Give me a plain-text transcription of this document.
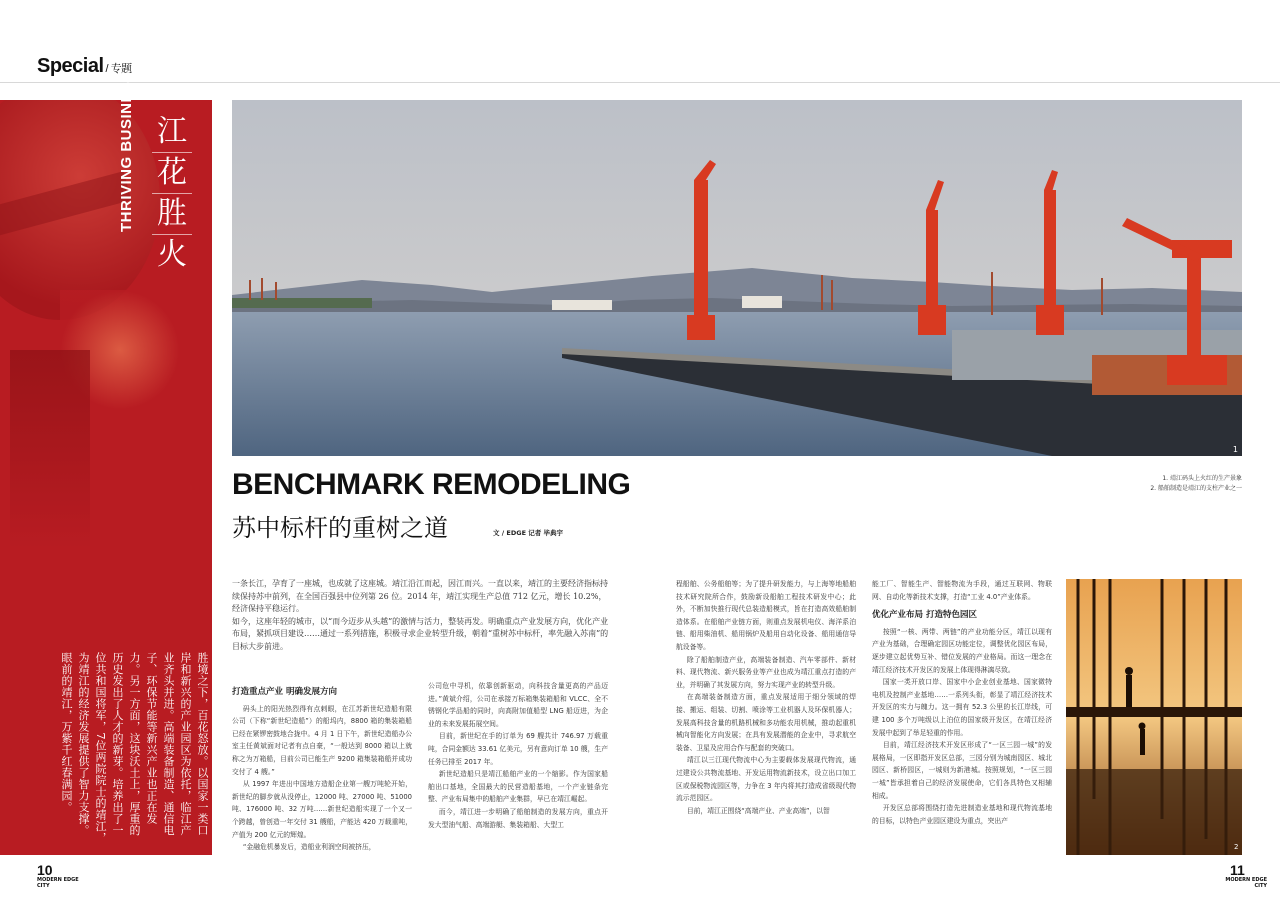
Special / 专题
THRIVING BUSINESS 江
花
胜
火
胜境之下，百花怒放。以国家一类口岸和新兴的产业园区为依托，临江产业齐头并进。高端装备制造、通信电子、环保节能等新兴产业也正在发力。另一方面，这块沃土上，厚重的历史发出了人才的新芽。培养出了一位共和国将军，7位两院院士的靖江，为靖江的经济发展提供了智力支撑。眼前的靖江，万紫千红春满园。
1
BENCHMARK REMODELING
苏中标杆的重树之道	文 / EDGE 记者 毕典宇
1. 靖江码头上火红的生产景象
2. 船舶制造是靖江的支柱产业之一

一条长江，孕育了一座城，也成就了这座城。靖江沿江而起，因江而兴。一直以来，靖江的主要经济指标持续保持苏中前列，在全国百强县中位列第 26 位。2014 年，靖江实现生产总值 712 亿元，增长 10.2%，经济保持平稳运行。

如今，这座年轻的城市，以“而今迈步从头越”的激情与活力，整装再发。明确重点产业发展方向，优化产业布局，紧抓项目建设……通过一系列措施，积极寻求企业转型升级，朝着“重树苏中标杆，率先融入苏南”的目标大步前进。

打造重点产业 明确发展方向

码头上的阳光热烈得有点刺眼，在江苏新世纪造船有限公司（下称“新世纪造船”）的船坞内，8800 箱的集装箱船已经在紧锣密鼓地合拢中。4 月 1 日下午，新世纪造船办公室主任黄斌面对记者有点自豪，“一般达到 8000 箱以上就称之为万箱船，目前公司已能生产 9200 箱集装箱船并成功交付了 4 艘。”

从 1997 年进出中国地方造船企业第一艘万吨轮开始，新世纪的脚步就从没停止，12000 吨、27000 吨、51000 吨、176000 吨、32 万吨……新世纪造船实现了一个又一个跨越，曾创造一年交付 31 艘船，产能达 420 万载重吨，产值为 200 亿元的辉煌。

“金融危机暴发后，造船业利润空间被挤压，

公司危中寻机，依靠创新驱动，向科技含量更高的产品迈进。”黄斌介绍，公司在承接万标箱集装箱船和 VLCC、全不锈钢化学品船的同时，向高附加值船型 LNG 船迈进，为企业的未来发展拓展空间。

目前，新世纪在手的订单为 69 艘共计 746.97 万载重吨，合同金额达 33.61 亿美元，另有意向订单 10 艘，生产任务已排至 2017 年。

新世纪造船只是靖江船舶产业的一个缩影。作为国家船舶出口基地，全国最大的民营造船基地，一个产业链条完整、产业布局集中的船舶产业集群，早已在靖江崛起。

而今，靖江进一步明确了船舶制造的发展方向，重点开发大型油气船、高端游艇、集装箱船、大型工

程船舶、公务船舶等；为了提升研发能力，与上海等地船舶技术研究院所合作，鼓励新设船舶工程技术研发中心；此外，不断加快推行现代总装造船模式，旨在打造高效船舶制造体系。在船舶产业链方面，则重点发展机电仪、海洋系泊链、船用柴油机、船用锅炉及船用自动化设备、船用通信导航设备等。

除了船舶制造产业，高端装备制造、汽车零部件、新材料、现代物流、新兴服务业等产业也成为靖江重点打造的产业，并明确了其发展方向，努力实现产业的转型升级。

在高端装备制造方面，重点发展适用于细分领域的焊接、搬运、组装、切割、喷涂等工业机器人及环保机器人；发展高科技含量的机路机械和多功能农用机械，推动起重机械向智能化方向发展；在具有发展潜能的企业中，寻求航空装备、卫星及应用合作与配套的突破口。

靖江以三江现代物流中心为主要载体发展现代物流，通过建设公共物流基地、开发运用物流新技术，设立出口加工区或保税物流园区等，力争在 3 年内将其打造成省级现代物流示范园区。

目前，靖江正围绕“高端产业、产业高端”，以智

能工厂、智能生产、智能物流为手段，通过互联网、物联网、自动化等新技术支撑，打造“工业 4.0”产业体系。

优化产业布局 打造特色园区

按照“一核、两带、两链”的产业功能分区，靖江以现有产业为基础，合理确定园区功能定位，调整优化园区布局，逐步建立起优势互补、错位发展的产业格局。而这一理念在靖江经济技术开发区的发展上体现得淋漓尽致。

国家一类开放口岸、国家中小企业创业基地、国家微特电机及控制产业基地……一系列头衔，彰显了靖江经济技术开发区的实力与魄力。这一拥有 52.3 公里的长江岸线，可建 100 多个万吨级以上泊位的国家级开发区，在靖江经济发展中起到了举足轻重的作用。

目前，靖江经济技术开发区形成了“一区三园一城”的发展格局，一区即指开发区总部，三园分别为城南园区、城北园区、新桥园区，一城则为新港城。按照规划，“一区三园一城”皆承担着自己的经济发展使命，它们各具特色又相辅相成。

开发区总部将围绕打造先进制造业基地和现代物流基地的目标，以特色产业园区建设为重点，突出产

2
10
MODERN EDGE
CITY
11
MODERN EDGE
CITY
